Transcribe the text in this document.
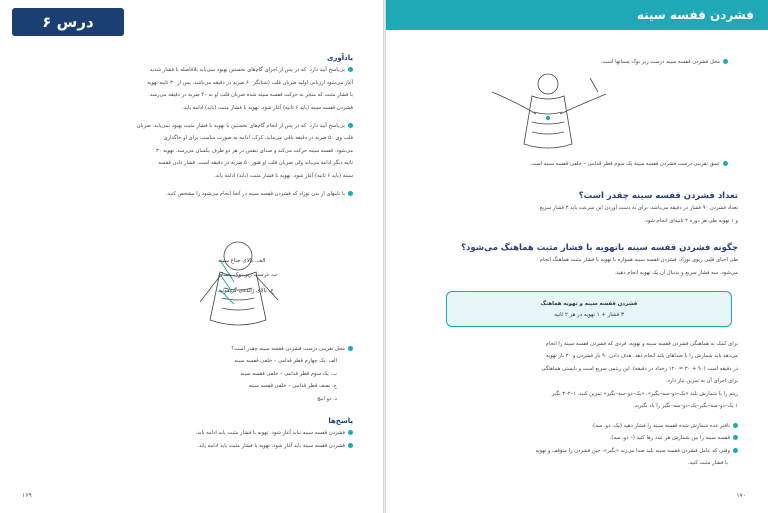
درس ۶
یادآوری
بی‌پاسخ آیید دارد ‌ که در پس از اجرای گام‌های نخستین بهبود نمی‌یابد بلافاصله با فشار شدید
آغاز می‌شود ارزیابی اولیه ضربان قلب (شتابگر ۶۰ ضربه در دقیقه می‌باشد. پس از ۳۰ ثانیه تهویه
با فشار مثبت که منجر به حرکت قفسه سینه شده ضربان قلب او به ۴۰ ضربه در دقیقه می‌رسد.
فشردن قفسه سینه (باید ۶ ثانیه) آغاز شود. تهویه با فشار مثبت (باید) ادامه یابد.
بی‌پاسخ آیید دارد ‌ که در پس از انجام گام‌های نخستین با تهویه با فشار مثبت بهبود نمی‌یابد. ضربان
قلب وی ۵۰ ضربه در دقیقه باقی می‌ماند. کرک، ادامه به صورت مناسب برای او جاگذاری
می‌شود. قفسه سینه حرکت می‌کند و صدای تنفس در هر دو طرف یکسان می‌رسد. تهویه ۳۰
ثانیه دیگر ادامه می‌یابد ولی ضربان قلب او هنوز ۵۰ ضربه در دقیقه است. فشار دادن قفسه
سینه (باید ۶ ثانیه) آغاز شود. تهویه با فشار مثبت (باید) ادامه یابد.
با نامهای از بدن نوزاد که فشردن قفسه سینه در آنجا انجام می‌شود را مشخص کنید.
الف. بالای جناغ سینه
ب. درست زیر نوک پستان
ج. بالای زائده‌ی گزیفوئید
محل تقریبی درست فشردن قفسه سینه چقدر است؟
الف. یک چهارم قطر قدامی – خلفی قفسه سینه
ب. یک سوم قطر قدامی – خلفی قفسه سینه
ج. نصف قطر قدامی – خلفی قفسه سینه
د. دو اینچ
پاسخ‌ها
فشردن قفسه سینه نباید آغاز شود. تهویه با فشار مثبت باید ادامه یابد.
فشردن قفسه سینه باید آغاز شود. تهویه با فشار مثبت باید ادامه یابد.
۱۶۹
فشردن قفسه سینه
محل فشردن قفسه سینه درست زیر نوک پستانها است.
عمق تقریبی درست فشردن قفسه سینه یک سوم قطر قدامی – خلفی قفسه سینه است.
تعداد فشردن قفسه سینه چقدر است؟
تعداد فشردن ۹۰ فشار در دقیقه می‌باشد. برای به دست آوردن این سرعت باید ۳ فشار سریع
و ۱ تهویه طی هر دوره ۲ ثانیه‌ای انجام شود.
چگونه فشردن قفسه سینه باتهویه با فشار مثبت هماهنگ می‌شود؟
طی احیای قلبی ریوی نوزاد، فشردن قفسه سینه همواره با تهویه با فشار مثبت هماهنگ انجام
می‌شود. سه فشار سریع و بدنبال آن یک تهویه انجام دهید.
فشردن قفسه سینه و تهویه هماهنگ
۳ فشار + ۱ تهویه در هر ۲ ثانیه
برای کمک به هماهنگی فشردن قفسه سینه و تهویه، فردی که فشردن قفسه سینه را انجام
می‌دهد باید شمارش را با صداهای بلند انجام دهد. هدف دادن ۹۰ بار فشردن و ۳۰ بار تهویه
در دقیقه است (۹۰ + ۳۰ = ۱۲۰ رخداد در دقیقه). این ریتمی سریع است و بایستی هماهنگی
برای اجرای آن به تمرین نیاز دارد.
ریتم را با شمارش بلند «یک–دو–سه–بگیر»، «یک–دو–سه–بگیر» تمرین کنید. ۱–۲–۳ بگیر
۱ یک–دو–سه–بگیر–یک–دو–سه–بگیر را یاد بگیرید.
بافتر عده شمارش شده قفسه سینه را فشار دهید (یک، دو، سه).
قفسه سینه را بین شمارش هر عدد رها کنید (– دو، سه).
وقتی که عامل فشردن قفسه سینه بلند صدا می‌زند «بگیر»، حین فشردن را متوقف و تهویه
با فشار مثبت کنید.
۱۷۰
